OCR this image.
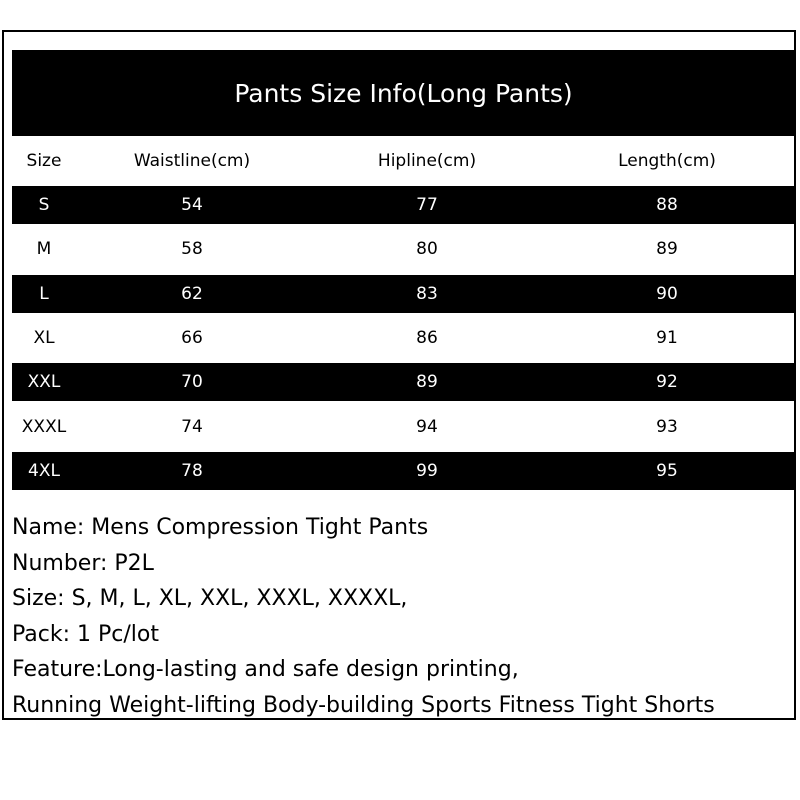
Pants Size Info(Long Pants)
Size	Waistline(cm)	Hipline(cm)	Length(cm)
S	54	77	88
M	58	80	89
L	62	83	90
XL	66	86	91
XXL	70	89	92
XXXL	74	94	93
4XL	78	99	95
Name: Mens Compression Tight Pants
Number: P2L
Size: S, M, L, XL, XXL, XXXL, XXXXL,
Pack: 1 Pc/lot
Feature:Long-lasting and safe design printing,
Running Weight-lifting Body-building Sports Fitness Tight Shorts
